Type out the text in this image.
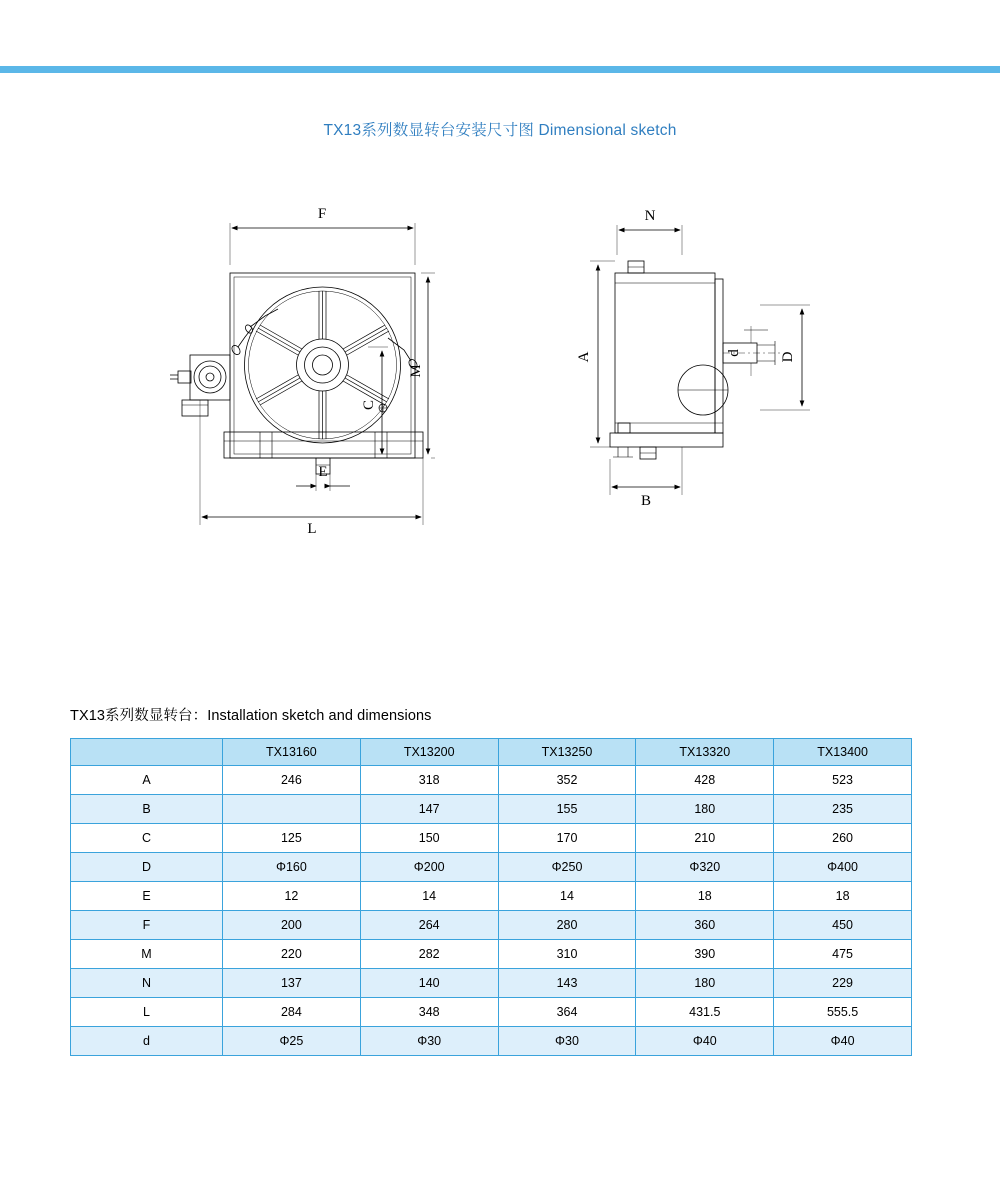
TX13系列数显转台安装尺寸图 Dimensional sketch
F
M
C
E
L
N
A	d	D
B
TX13系列数显转台：Installation sketch and dimensions
	TX13160	TX13200	TX13250	TX13320	TX13400
A	246	318	352	428	523
B		147	155	180	235
C	125	150	170	210	260
D	Φ160	Φ200	Φ250	Φ320	Φ400
E	12	14	14	18	18
F	200	264	280	360	450
M	220	282	310	390	475
N	137	140	143	180	229
L	284	348	364	431.5	555.5
d	Φ25	Φ30	Φ30	Φ40	Φ40
